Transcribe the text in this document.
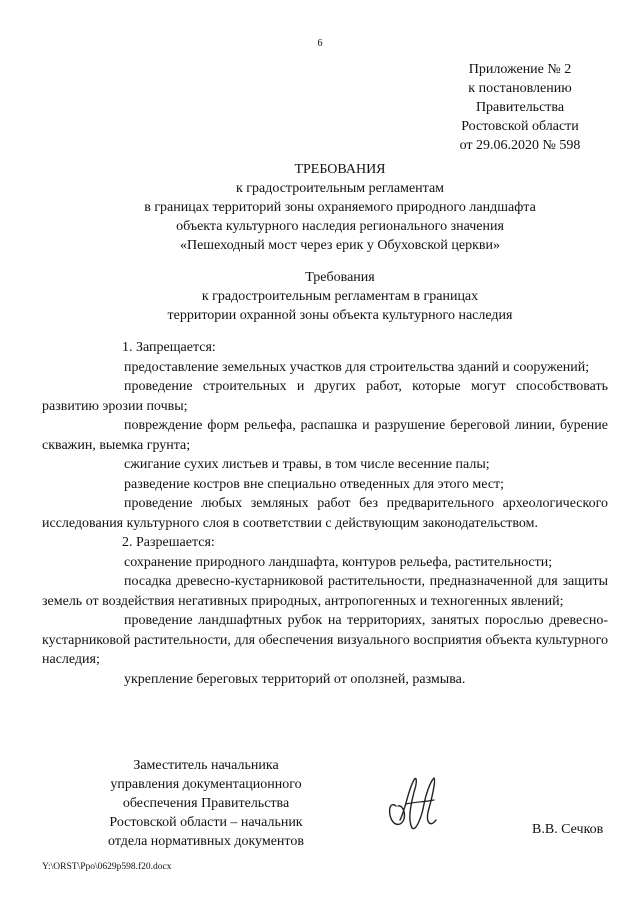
6
Приложение № 2
к постановлению
Правительства
Ростовской области
от 29.06.2020 № 598
ТРЕБОВАНИЯ
к градостроительным регламентам
в границах территорий зоны охраняемого природного ландшафта
объекта культурного наследия регионального значения
«Пешеходный мост через ерик у Обуховской церкви»
Требования
к градостроительным регламентам в границах
территории охранной зоны объекта культурного наследия

1. Запрещается:

предоставление земельных участков для строительства зданий и сооружений;

проведение строительных и других работ, которые могут способствовать развитию эрозии почвы;

повреждение форм рельефа, распашка и разрушение береговой линии, бурение скважин, выемка грунта;

сжигание сухих листьев и травы, в том числе весенние палы;

разведение костров вне специально отведенных для этого мест;

проведение любых земляных работ без предварительного археологического исследования культурного слоя в соответствии с действующим законодательством.

2. Разрешается:

сохранение природного ландшафта, контуров рельефа, растительности;

посадка древесно-кустарниковой растительности, предназначенной для защиты земель от воздействия негативных природных, антропогенных и техногенных явлений;

проведение ландшафтных рубок на территориях, занятых порослью древесно-кустарниковой растительности, для обеспечения визуального восприятия объекта культурного наследия;

укрепление береговых территорий от оползней, размыва.

Заместитель начальника
управления документационного
обеспечения Правительства
Ростовской области – начальник
отдела нормативных документов
В.В. Сечков
Y:\ORST\Ppo\0629p598.f20.docx
